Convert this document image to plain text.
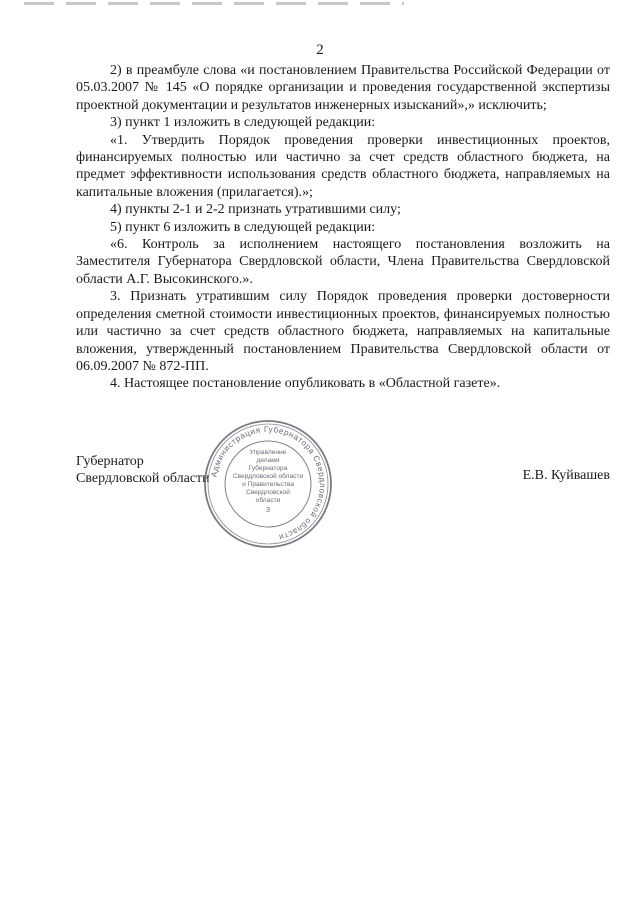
2

2) в преамбуле слова «и постановлением Правительства Российской Федерации от 05.03.2007 № 145 «О порядке организации и проведения государственной экспертизы проектной документации и результатов инженерных изысканий»,» исключить;

3) пункт 1 изложить в следующей редакции:

«1. Утвердить Порядок проведения проверки инвестиционных проектов, финансируемых полностью или частично за счет средств областного бюджета, на предмет эффективности использования средств областного бюджета, направляемых на капитальные вложения (прилагается).»;

4) пункты 2-1 и 2-2 признать утратившими силу;

5) пункт 6 изложить в следующей редакции:

«6. Контроль за исполнением настоящего постановления возложить на Заместителя Губернатора Свердловской области, Члена Правительства Свердловской области А.Г. Высокинского.».

3. Признать утратившим силу Порядок проведения проверки достоверности определения сметной стоимости инвестиционных проектов, финансируемых полностью или частично за счет средств областного бюджета, направляемых на капитальные вложения, утвержденный постановлением Правительства Свердловской области от 06.09.2007 № 872-ПП.

4. Настоящее постановление опубликовать в «Областной газете».

Губернатор
Свердловской области	Е.В. Куйвашев
Администрация Губернатора Свердловской области
Управление
делами
Губернатора
Свердловской области
и Правительства
Свердловской
области
3
